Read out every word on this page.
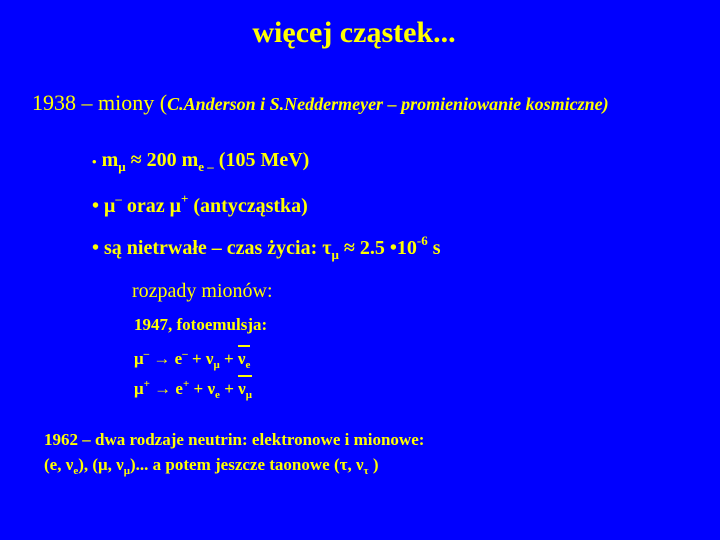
więcej cząstek...
1938 – miony (C.Anderson i S.Neddermeyer – promieniowanie kosmiczne)
• $m_\mu \approx 200$ $m_{e -}$ (105 MeV)
• μ– oraz μ+ (antycząstka)
• są nietrwałe – czas życia: $\tau_\mu \approx 2.5$ $•10^{-6}$ s
rozpady mionów:
1947, fotoemulsja:
$\mu^- \to e^- + \nu_\mu$ +
$\nu_e$
$\mu^+ \to e^+ + \nu_e$ +
$\nu_\mu$
1962 – dwa rodzaje neutrin: elektronowe i mionowe:
(e, $\nu_e$), (μ, $\nu_\mu$)... a potem jeszcze taonowe (τ, $\nu_\tau$ )
